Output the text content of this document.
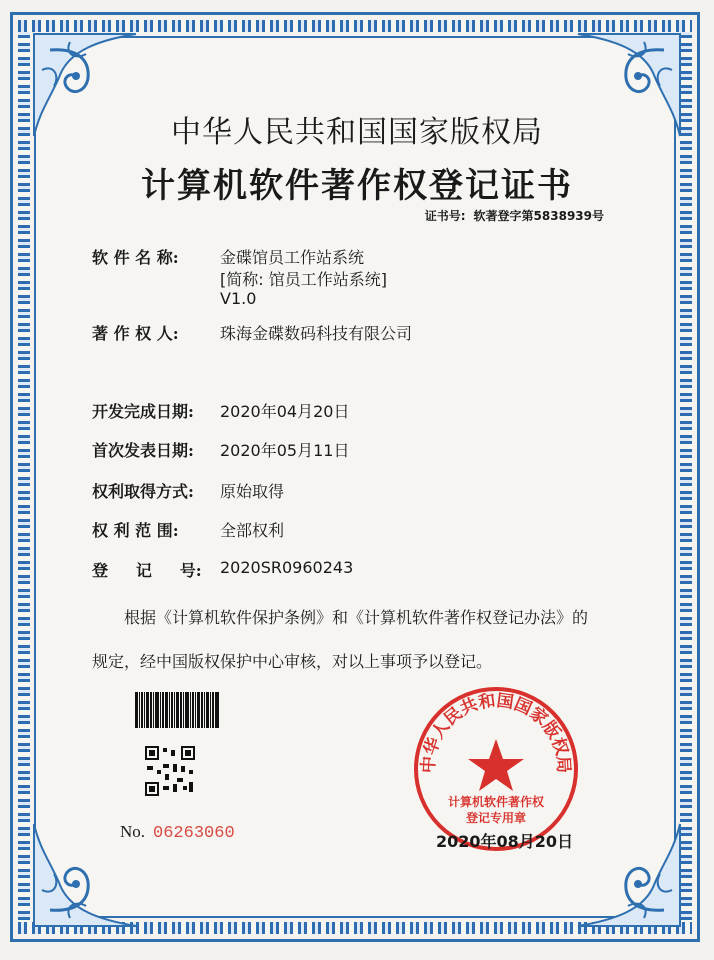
中华人民共和国国家版权局
计算机软件著作权登记证书
证书号: 软著登字第5838939号
软 件 名 称:	金碟馆员工作站系统
[简称: 馆员工作站系统]
V1.0
著 作 权 人:	珠海金碟数码科技有限公司
开发完成日期:	2020年04月20日
首次发表日期:	2020年05月11日
权利取得方式:	原始取得
权 利 范 围:	全部权利
登     记     号:	2020SR0960243
根据《计算机软件保护条例》和《计算机软件著作权登记办法》的
规定，经中国版权保护中心审核，对以上事项予以登记。
No. 06263060
中华人民共和国国家版权局
计算机软件著作权
登记专用章
2020年08月20日
